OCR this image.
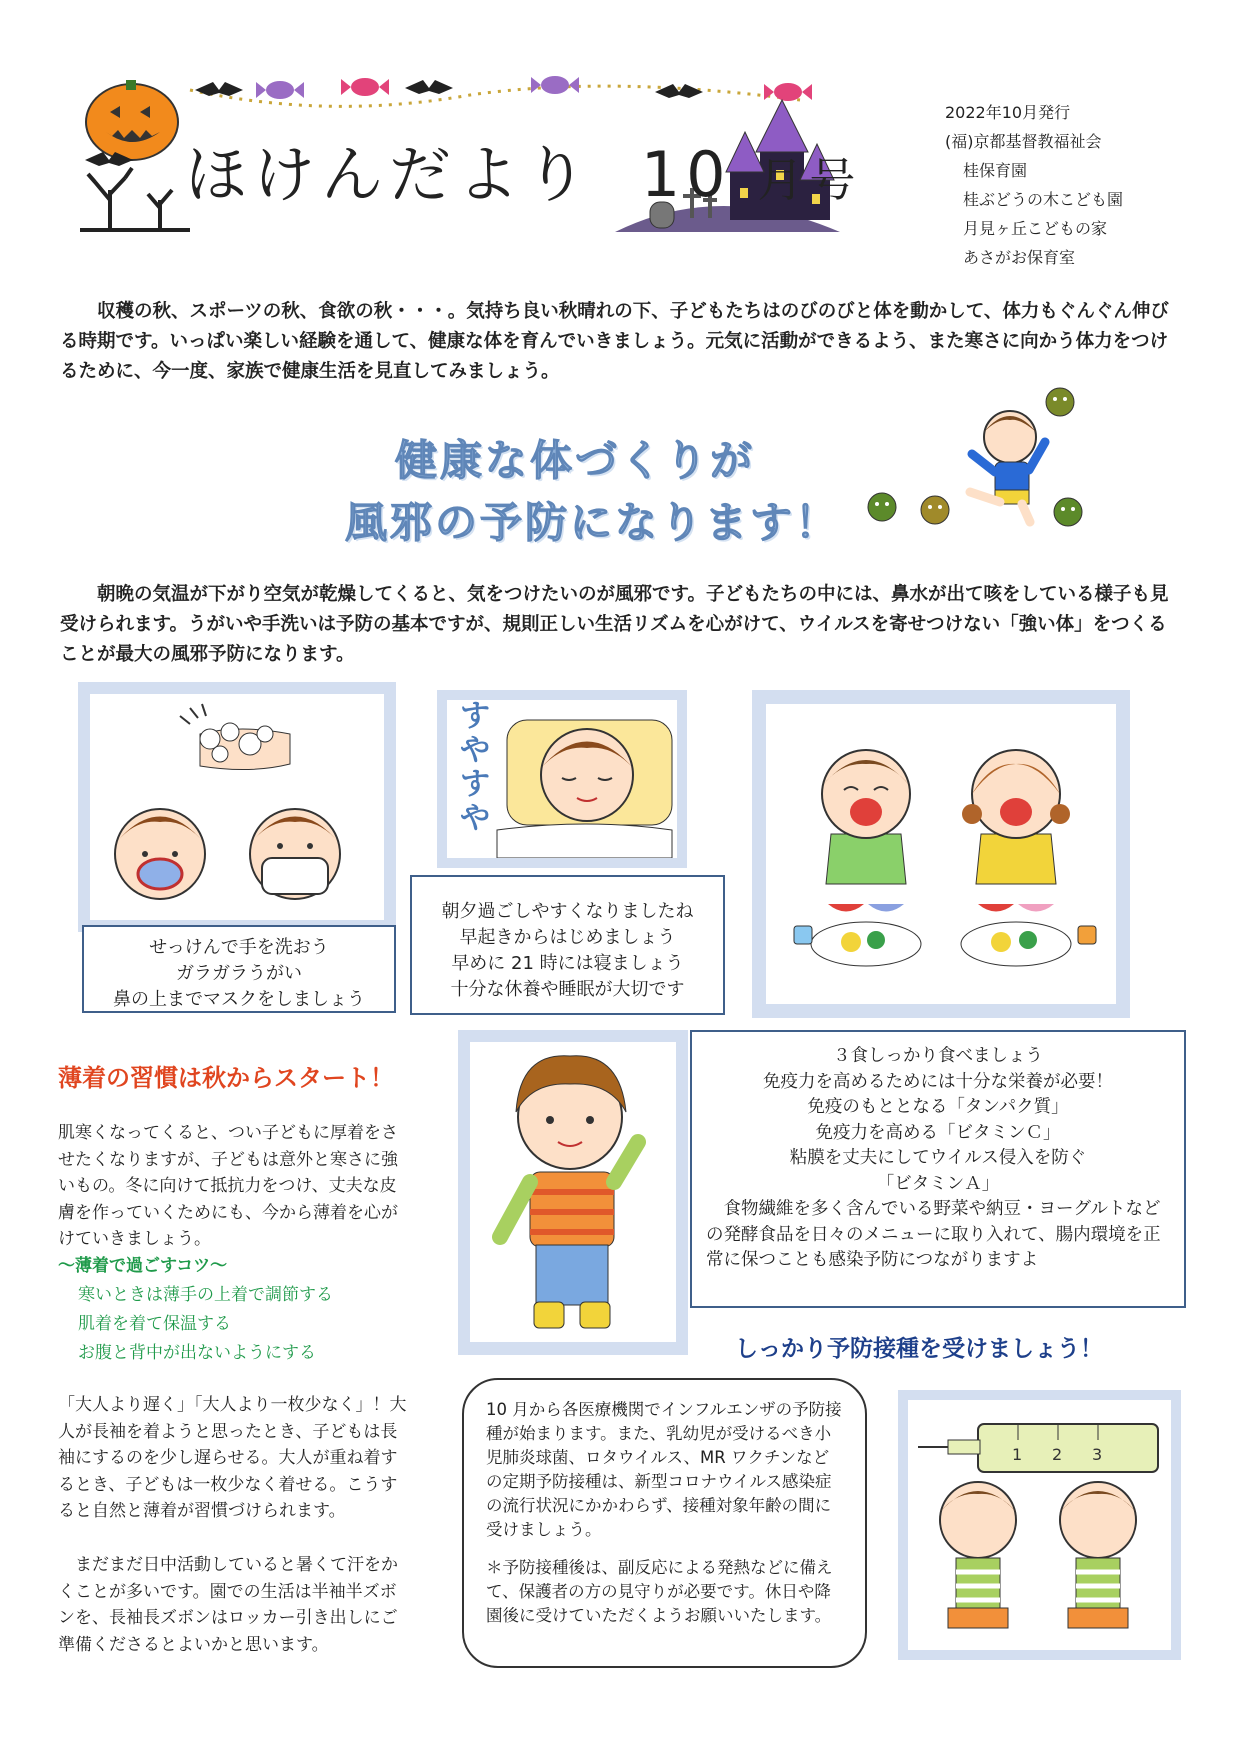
ほけんだより 10 月号
2022年10月発行
(福)京都基督教福祉会
桂保育園
桂ぶどうの木こども園
月見ヶ丘こどもの家
あさがお保育室
収穫の秋、スポーツの秋、食欲の秋・・・。気持ち良い秋晴れの下、子どもたちはのびのびと体を動かして、体力もぐんぐん伸びる時期です。いっぱい楽しい経験を通して、健康な体を育んでいきましょう。元気に活動ができるよう、また寒さに向かう体力をつけるために、今一度、家族で健康生活を見直してみましょう。
健康な体づくりが
風邪の予防になります！
朝晩の気温が下がり空気が乾燥してくると、気をつけたいのが風邪です。子どもたちの中には、鼻水が出て咳をしている様子も見受けられます。うがいや手洗いは予防の基本ですが、規則正しい生活リズムを心がけて、ウイルスを寄せつけない「強い体」をつくることが最大の風邪予防になります。
せっけんで手を洗おう
ガラガラうがい
鼻の上までマスクをしましょう
すやすや
朝夕過ごしやすくなりましたね
早起きからはじめましょう
早めに 21 時には寝ましょう
十分な休養や睡眠が大切です
薄着の習慣は秋からスタート！
肌寒くなってくると、つい子どもに厚着をさせたくなりますが、子どもは意外と寒さに強いもの。冬に向けて抵抗力をつけ、丈夫な皮膚を作っていくためにも、今から薄着を心がけていきましょう。
～薄着で過ごすコツ～
寒いときは薄手の上着で調節する
肌着を着て保温する
お腹と背中が出ないようにする
「大人より遅く」「大人より一枚少なく」！大人が長袖を着ようと思ったとき、子どもは長袖にするのを少し遅らせる。大人が重ね着するとき、子どもは一枚少なく着せる。こうすると自然と薄着が習慣づけられます。
まだまだ日中活動していると暑くて汗をかくことが多いです。園での生活は半袖半ズボンを、長袖長ズボンはロッカー引き出しにご準備くださるとよいかと思います。
３食しっかり食べましょう
免疫力を高めるためには十分な栄養が必要！
免疫のもととなる「タンパク質」
免疫力を高める「ビタミンＣ」
粘膜を丈夫にしてウイルス侵入を防ぐ
「ビタミンＡ」
食物繊維を多く含んでいる野菜や納豆・ヨーグルトなどの発酵食品を日々のメニューに取り入れて、腸内環境を正常に保つことも感染予防につながりますよ
しっかり予防接種を受けましょう！
10 月から各医療機関でインフルエンザの予防接種が始まります。また、乳幼児が受けるべき小児肺炎球菌、ロタウイルス、MR ワクチンなどの定期予防接種は、新型コロナウイルス感染症の流行状況にかかわらず、接種対象年齢の間に受けましょう。
＊予防接種後は、副反応による発熱などに備えて、保護者の方の見守りが必要です。休日や降園後に受けていただくようお願いいたします。
1 2 3
